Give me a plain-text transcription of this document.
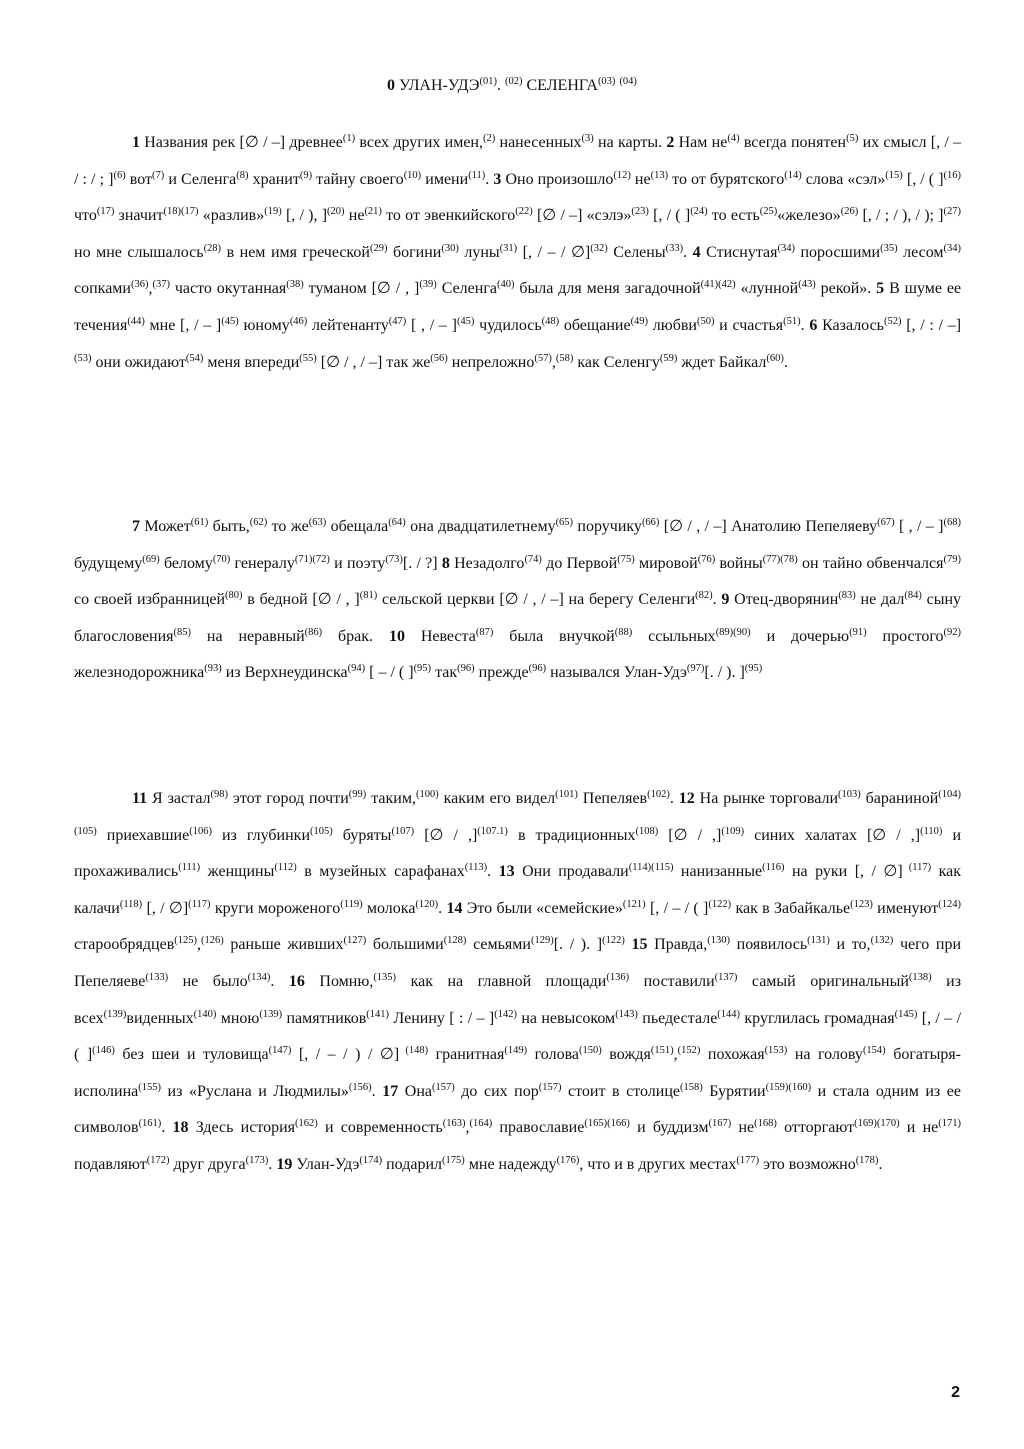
0 УЛАН-УДЭ$^{(01)}$. $^{(02)}$ СЕЛЕНГА$^{(03)}$ $^{(04)}$

1 Названия рек [∅ / –] древнее$^{(1)}$ всех других имен,$^{(2)}$ нанесенных$^{(3)}$ на карты. 2 Нам $не^{(4)}$ всегда понятен$^{(5)}$ их смысл [, / – / : / ; ]$^{(6)}$ вот$^{(7)}$ и Селенга$^{(8)}$ хранит$^{(9)}$ тайну своего$^{(10)}$ имени$^{(11)}$. 3 Оно произошло$^{(12)}$ $не^{(13)}$ то от бурятского$^{(14)}$ слова «сэл»$^{(15)}$ [, / ( ]$^{(16)}$ что$^{(17)}$ значит$^{(18)(17)}$ «разлив»$^{(19)}$ [, / ), ]$^{(20)}$ $не^{(21)}$ то от эвенкийского$^{(22)}$ [∅ / –] «сэлэ»$^{(23)}$ [, / ( ]$^{(24)}$ то есть$^{(25)}$«железо»$^{(26)}$ [, / ; / ), / ); ]$^{(27)}$ но мне слышалось$^{(28)}$ в нем имя греческой$^{(29)}$ богини$^{(30)}$ луны$^{(31)}$ [, / – / ∅]$^{(32)}$ Селены$^{(33)}$. 4 Стиснутая$^{(34)}$ поросшими$^{(35)}$ лесом$^{(34)}$ сопками$^{(36)}$,$^{(37)}$ часто окутанная$^{(38)}$ туманом [∅ / , ]$^{(39)}$ Селенга$^{(40)}$ была для меня загадочной$^{(41)(42)}$ «лунной$^{(43)}$ рекой». 5 В шуме ее течения$^{(44)}$ мне [, / – ]$^{(45)}$ юному$^{(46)}$ лейтенанту$^{(47)}$ [ , / – ]$^{(45)}$ чудилось$^{(48)}$ обещание$^{(49)}$ любви$^{(50)}$ и счастья$^{(51)}$. 6 Казалось$^{(52)}$ [, / : / –]$^{(53)}$ они ожидают$^{(54)}$ меня впереди$^{(55)}$ [∅ / , / –] так $же^{(56)}$ непреложно$^{(57)}$,$^{(58)}$ как Селенгу$^{(59)}$ ждет Байкал$^{(60)}$.

7 Может$^{(61)}$ быть,$^{(62)}$ то $же^{(63)}$ обещала$^{(64)}$ она двадцатилетнему$^{(65)}$ поручику$^{(66)}$ [∅ / , / –] Анатолию Пепеляеву$^{(67)}$ [ , / – ]$^{(68)}$ будущему$^{(69)}$ белому$^{(70)}$ генералу$^{(71)(72)}$ и поэту$^{(73)}$[. / ?] 8 Незадолго$^{(74)}$ до Первой$^{(75)}$ мировой$^{(76)}$ войны$^{(77)(78)}$ он тайно обвенчался$^{(79)}$ со своей избранницей$^{(80)}$ в бедной [∅ / , ]$^{(81)}$ сельской церкви [∅ / , / –] на берегу Селенги$^{(82)}$. 9 Отец-дворянин$^{(83)}$ не дал$^{(84)}$ сыну благословения$^{(85)}$ на неравный$^{(86)}$ брак. 10 Невеста$^{(87)}$ была внучкой$^{(88)}$ ссыльных$^{(89)(90)}$ и дочерью$^{(91)}$ простого$^{(92)}$ железнодорожника$^{(93)}$ из Верхнеудинска$^{(94)}$ [ – / ( ]$^{(95)}$ так$^{(96)}$ прежде$^{(96)}$ назывался Улан-Удэ$^{(97)}$[. / ). ]$^{(95)}$

11 Я застал$^{(98)}$ этот город почти$^{(99)}$ таким,$^{(100)}$ каким его видел$^{(101)}$ Пепеляев$^{(102)}$. 12 На рынке торговали$^{(103)}$ бараниной$^{(104)(105)}$ приехавшие$^{(106)}$ из глубинки$^{(105)}$ буряты$^{(107)}$ [∅ / ,]$^{(107.1)}$ в традиционных$^{(108)}$ [∅ / ,]$^{(109)}$ синих халатах [∅ / ,]$^{(110)}$ и прохаживались$^{(111)}$ женщины$^{(112)}$ в музейных сарафанах$^{(113)}$. 13 Они продавали$^{(114)(115)}$ нанизанные$^{(116)}$ на руки [, / ∅] $^{(117)}$ как калачи$^{(118)}$ [, / ∅]$^{(117)}$ круги мороженого$^{(119)}$ молока$^{(120)}$. 14 Это были «семейские»$^{(121)}$ [, / – / ( ]$^{(122)}$ как в Забайкалье$^{(123)}$ именуют$^{(124)}$ старообрядцев$^{(125)}$,$^{(126)}$ раньше живших$^{(127)}$ большими$^{(128)}$ семьями$^{(129)}$[. / ). ]$^{(122)}$ 15 Правда,$^{(130)}$ появилось$^{(131)}$ и то,$^{(132)}$ чего при Пепеляеве$^{(133)}$ не было$^{(134)}$. 16 Помню,$^{(135)}$ как на главной площади$^{(136)}$ поставили$^{(137)}$ самый оригинальный$^{(138)}$ из всех$^{(139)}$виденных$^{(140)}$ мною$^{(139)}$ памятников$^{(141)}$ Ленину [ : / – ]$^{(142)}$ на невысоком$^{(143)}$ пьедестале$^{(144)}$ круглилась громадная$^{(145)}$ [, / – / ( ]$^{(146)}$ без шеи и туловища$^{(147)}$ [, / – / ) / ∅] $^{(148)}$ гранитная$^{(149)}$ голова$^{(150)}$ вождя$^{(151)}$,$^{(152)}$ похожая$^{(153)}$ на голову$^{(154)}$ богатыря-исполина$^{(155)}$ из «Руслана и Людмилы»$^{(156)}$. 17 Она$^{(157)}$ до сих пор$^{(157)}$ стоит в столице$^{(158)}$ Бурятии$^{(159)(160)}$ и стала одним из ее символов$^{(161)}$. 18 Здесь история$^{(162)}$ и современность$^{(163)}$,$^{(164)}$ православие$^{(165)(166)}$ и буддизм$^{(167)}$ $не^{(168)}$ отторгают$^{(169)(170)}$ и $не^{(171)}$ подавляют$^{(172)}$ друг друга$^{(173)}$. 19 Улан-Удэ$^{(174)}$ подарил$^{(175)}$ мне надежду$^{(176)}$, что и в других местах$^{(177)}$ это возможно$^{(178)}$.

2
